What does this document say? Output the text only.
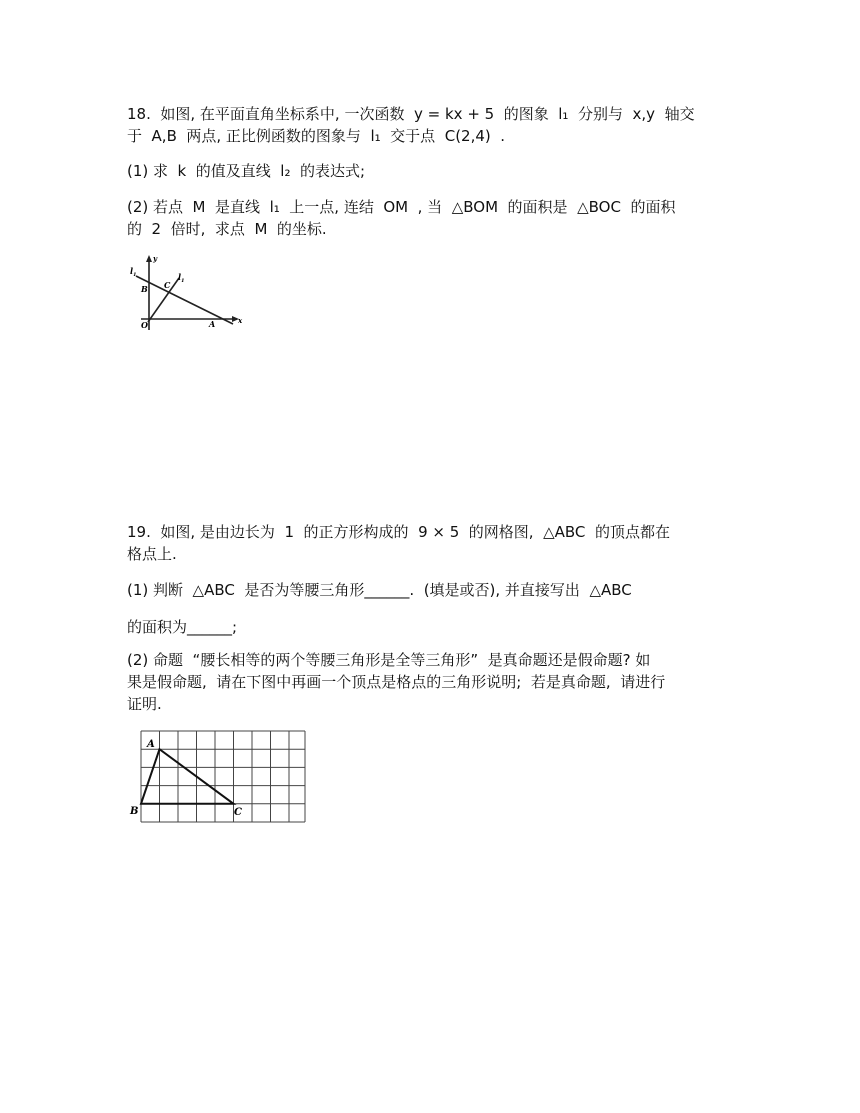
18.  如图, 在平面直角坐标系中, 一次函数  y = kx + 5  的图象  l₁  分别与  x,y  轴交
于  A,B  两点, 正比例函数的图象与  l₁  交于点  C(2,4)  .
(1) 求  k  的值及直线  l₂  的表达式;
(2) 若点  M  是直线  l₁  上一点, 连结  OM  , 当  △BOM  的面积是  △BOC  的面积
的  2  倍时,  求点  M  的坐标.
$l_1$	$l_1$
y
x
B C
O	A
19.  如图, 是由边长为  1  的正方形构成的  9 × 5  的网格图,  △ABC  的顶点都在
格点上.
(1) 判断  △ABC  是否为等腰三角形______.  (填是或否), 并直接写出  △ABC
的面积为______;
(2) 命题  “腰长相等的两个等腰三角形是全等三角形”  是真命题还是假命题? 如
果是假命题,  请在下图中再画一个顶点是格点的三角形说明;  若是真命题,  请进行
证明.
A
B	C
